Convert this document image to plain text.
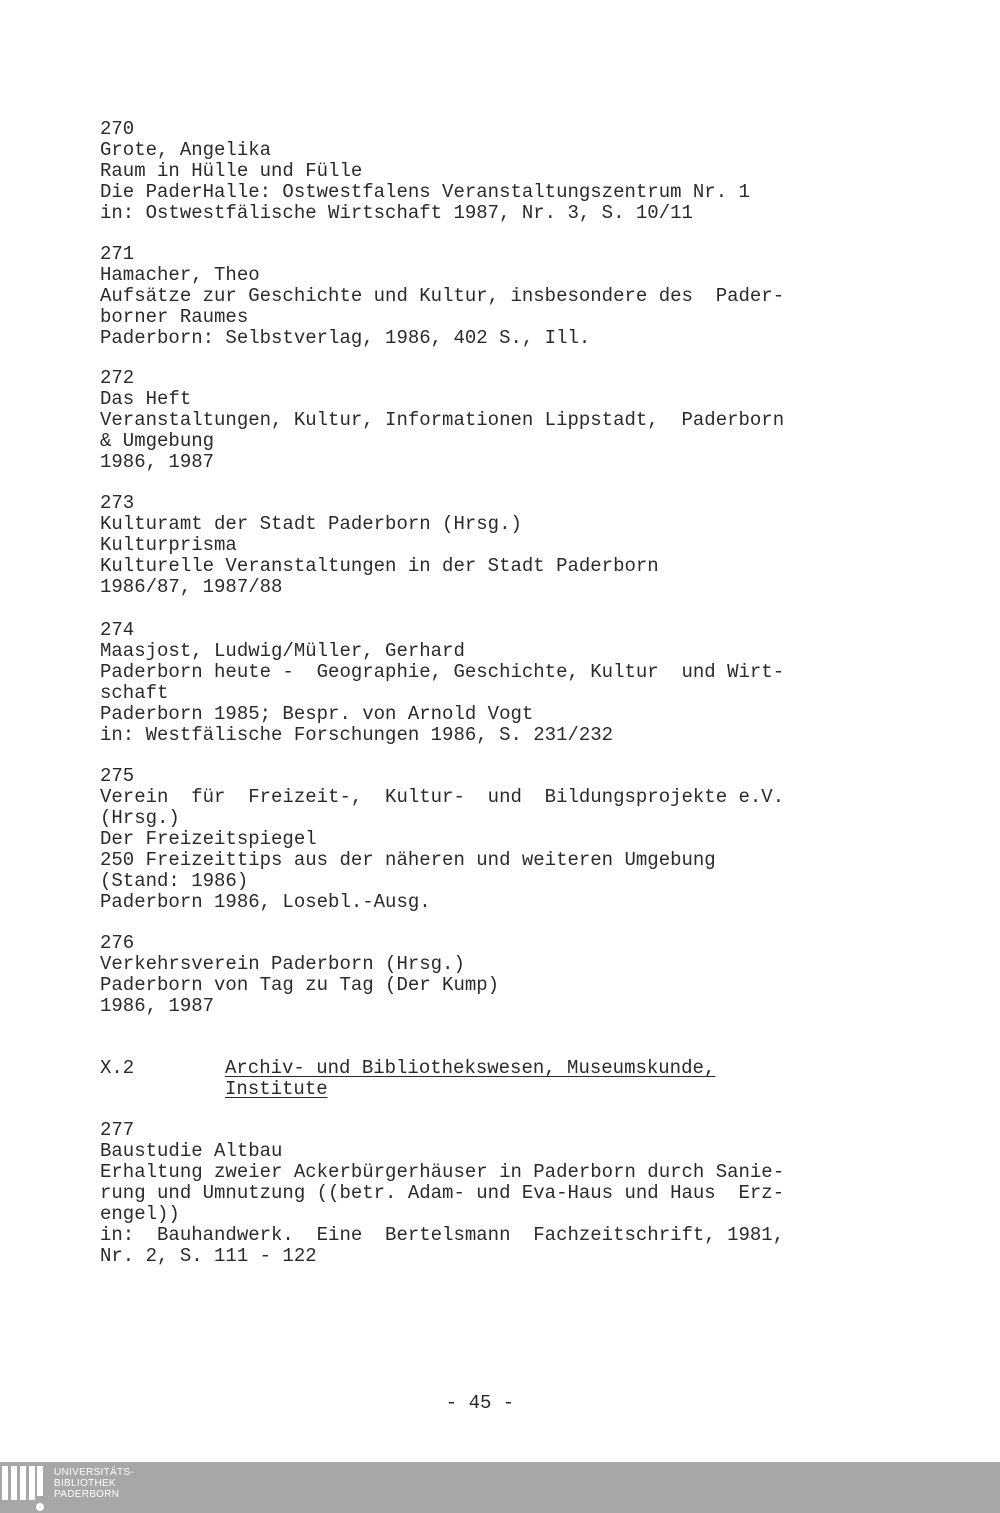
270
Grote, Angelika
Raum in Hülle und Fülle
Die PaderHalle: Ostwestfalens Veranstaltungszentrum Nr. 1
in: Ostwestfälische Wirtschaft 1987, Nr. 3, S. 10/11
271
Hamacher, Theo
Aufsätze zur Geschichte und Kultur, insbesondere des  Pader-
borner Raumes
Paderborn: Selbstverlag, 1986, 402 S., Ill.
272
Das Heft
Veranstaltungen, Kultur, Informationen Lippstadt,  Paderborn
& Umgebung
1986, 1987
273
Kulturamt der Stadt Paderborn (Hrsg.)
Kulturprisma
Kulturelle Veranstaltungen in der Stadt Paderborn
1986/87, 1987/88
274
Maasjost, Ludwig/Müller, Gerhard
Paderborn heute -  Geographie, Geschichte, Kultur  und Wirt-
schaft
Paderborn 1985; Bespr. von Arnold Vogt
in: Westfälische Forschungen 1986, S. 231/232
275
Verein  für  Freizeit-,  Kultur-  und  Bildungsprojekte e.V.
(Hrsg.)
Der Freizeitspiegel
250 Freizeittips aus der näheren und weiteren Umgebung
(Stand: 1986)
Paderborn 1986, Losebl.-Ausg.
276
Verkehrsverein Paderborn (Hrsg.)
Paderborn von Tag zu Tag (Der Kump)
1986, 1987
X.2	Archiv- und Bibliothekswesen, Museumskunde,
Institute
277
Baustudie Altbau
Erhaltung zweier Ackerbürgerhäuser in Paderborn durch Sanie-
rung und Umnutzung ((betr. Adam- und Eva-Haus und Haus  Erz-
engel))
in:  Bauhandwerk.  Eine  Bertelsmann  Fachzeitschrift, 1981,
Nr. 2, S. 111 - 122
- 45 -
UNIVERSITÄTS-
BIBLIOTHEK
PADERBORN
